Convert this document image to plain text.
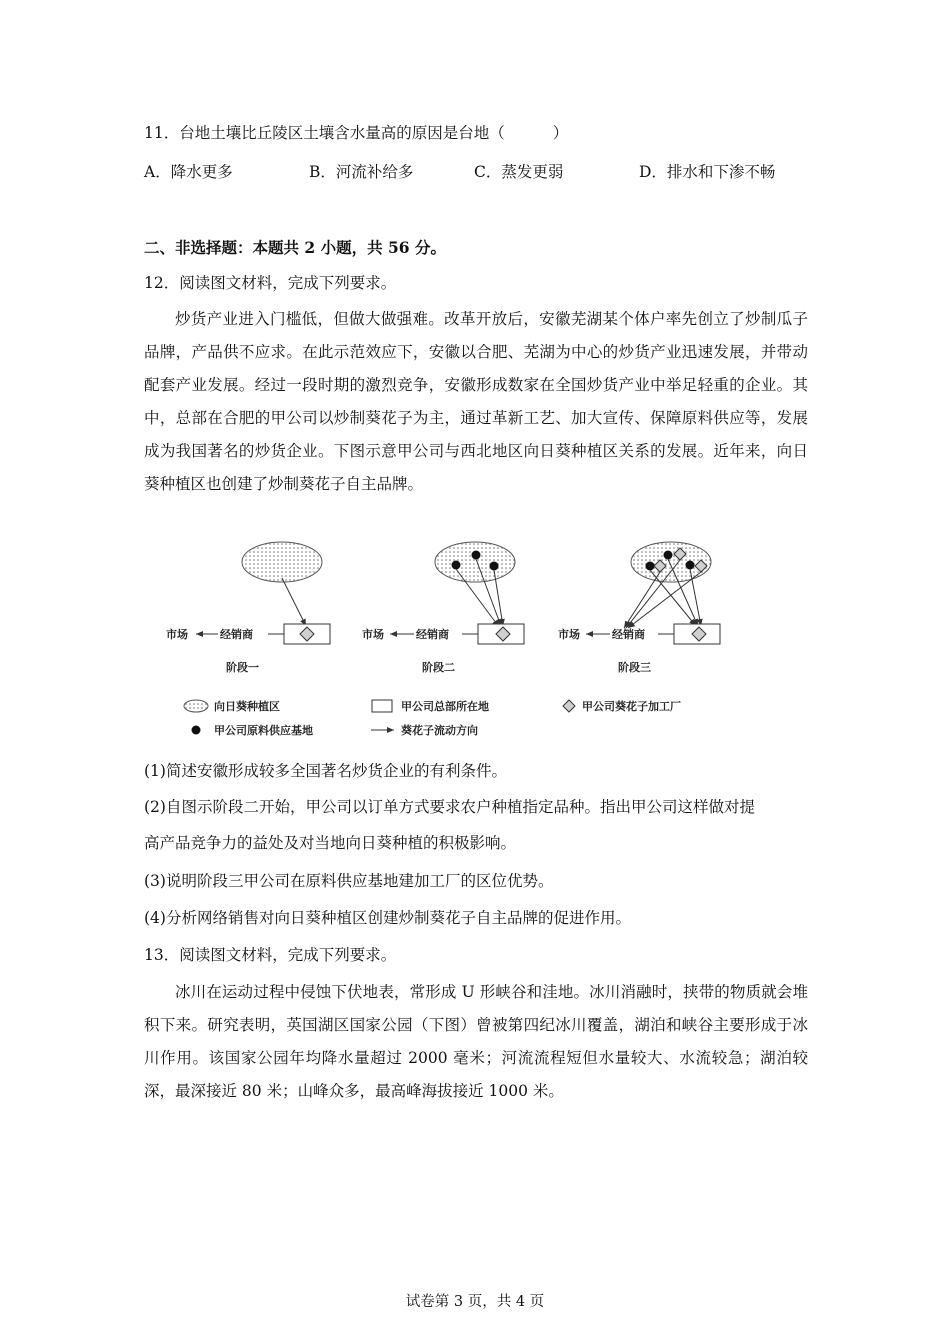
11．台地土壤比丘陵区土壤含水量高的原因是台地（	）
A．降水更多	B．河流补给多	C．蒸发更弱	D．排水和下渗不畅
二、非选择题：本题共 2 小题，共 56 分。
12．阅读图文材料，完成下列要求。
炒货产业进入门槛低，但做大做强难。改革开放后，安徽芜湖某个体户率先创立了炒制瓜子品牌，产品供不应求。在此示范效应下，安徽以合肥、芜湖为中心的炒货产业迅速发展，并带动配套产业发展。经过一段时期的激烈竞争，安徽形成数家在全国炒货产业中举足轻重的企业。其中，总部在合肥的甲公司以炒制葵花子为主，通过革新工艺、加大宣传、保障原料供应等，发展成为我国著名的炒货企业。下图示意甲公司与西北地区向日葵种植区关系的发展。近年来，向日葵种植区也创建了炒制葵花子自主品牌。
经销商
市场
阶段一
经销商
市场
阶段二
经销商
市场
阶段三
向日葵种植区	甲公司总部所在地	甲公司葵花子加工厂
甲公司原料供应基地	葵花子流动方向
(1)简述安徽形成较多全国著名炒货企业的有利条件。
(2)自图示阶段二开始，甲公司以订单方式要求农户种植指定品种。指出甲公司这样做对提
高产品竞争力的益处及对当地向日葵种植的积极影响。
(3)说明阶段三甲公司在原料供应基地建加工厂的区位优势。
(4)分析网络销售对向日葵种植区创建炒制葵花子自主品牌的促进作用。
13．阅读图文材料，完成下列要求。
冰川在运动过程中侵蚀下伏地表，常形成 U 形峡谷和洼地。冰川消融时，挟带的物质就会堆积下来。研究表明，英国湖区国家公园（下图）曾被第四纪冰川覆盖，湖泊和峡谷主要形成于冰川作用。该国家公园年均降水量超过 2000 毫米；河流流程短但水量较大、水流较急；湖泊较深，最深接近 80 米；山峰众多，最高峰海拔接近 1000 米。
试卷第 3 页，共 4 页
